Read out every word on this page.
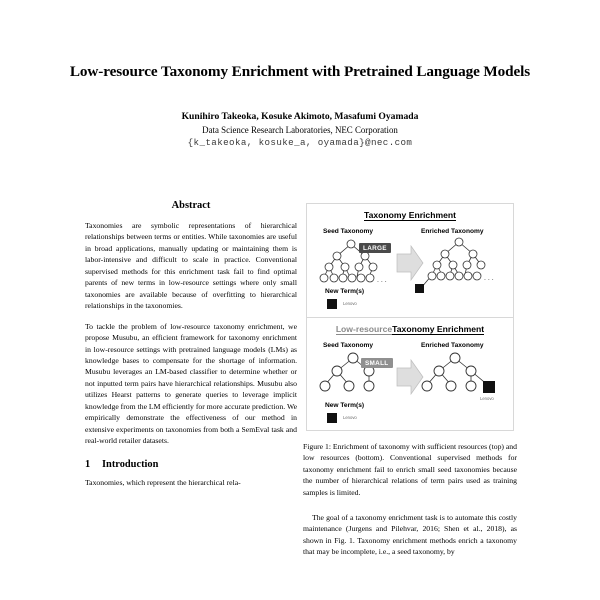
Low-resource Taxonomy Enrichment with Pretrained Language Models
Kunihiro Takeoka, Kosuke Akimoto, Masafumi Oyamada
Data Science Research Laboratories, NEC Corporation
{k_takeoka, kosuke_a, oyamada}@nec.com
Abstract

Taxonomies are symbolic representations of hierarchical relationships between terms or entities. While taxonomies are useful in broad applications, manually updating or maintaining them is labor-intensive and difficult to scale in practice. Conventional supervised methods for this enrichment task fail to find optimal parents of new terms in low-resource settings where only small taxonomies are available because of overfitting to hierarchical relationships in the taxonomies.

To tackle the problem of low-resource taxonomy enrichment, we propose Musubu, an efficient framework for taxonomy enrichment in low-resource settings with pretrained language models (LMs) as knowledge bases to compensate for the shortage of information. Musubu leverages an LM-based classifier to determine whether or not inputted term pairs have hierarchical relationships. Musubu also utilizes Hearst patterns to generate queries to leverage implicit knowledge from the LM efficiently for more accurate prediction. We empirically demonstrate the effectiveness of our method in extensive experiments on taxonomies from both a SemEval task and real-world retailer datasets.

1 Introduction

Taxonomies, which represent the hierarchical rela-

Taxonomy Enrichment
Seed Taxonomy	Enriched Taxonomy
. . .
LARGE
. . .
New Term(s)
Lenovo
Low-resourceTaxonomy Enrichment
Seed Taxonomy	Enriched Taxonomy
SMALL
Lenovo
New Term(s)
Lenovo

Figure 1: Enrichment of taxonomy with sufficient resources (top) and low resources (bottom). Conventional supervised methods for taxonomy enrichment fail to enrich small seed taxonomies because the number of hierarchical relations of term pairs used as training samples is limited.

The goal of a taxonomy enrichment task is to automate this costly maintenance (Jurgens and Pilehvar, 2016; Shen et al., 2018), as shown in Fig. 1. Taxonomy enrichment methods enrich a taxonomy that may be incomplete, i.e., a seed taxonomy, by
